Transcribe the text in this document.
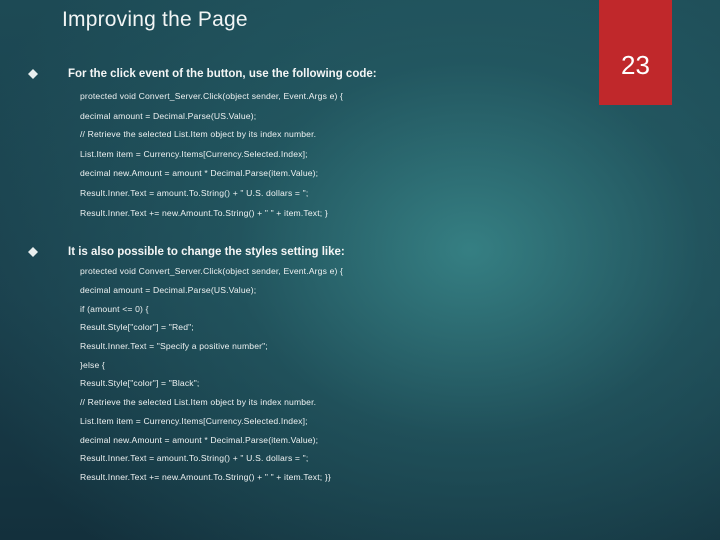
Improving the Page
23
For the click event of the button, use the following code:
protected void Convert_Server.Click(object sender, Event.Args e) {
decimal amount = Decimal.Parse(US.Value);
// Retrieve the selected List.Item object by its index number.
List.Item item = Currency.Items[Currency.Selected.Index];
decimal new.Amount = amount * Decimal.Parse(item.Value);
Result.Inner.Text = amount.To.String() + " U.S. dollars = ";
Result.Inner.Text += new.Amount.To.String() + " " + item.Text; }
It is also possible to change the styles setting like:
protected void Convert_Server.Click(object sender, Event.Args e) {
decimal amount = Decimal.Parse(US.Value);
if (amount <= 0) {
Result.Style["color"] = "Red";
Result.Inner.Text = "Specify a positive number";
}else {
Result.Style["color"] = "Black";
// Retrieve the selected List.Item object by its index number.
List.Item item = Currency.Items[Currency.Selected.Index];
decimal new.Amount = amount * Decimal.Parse(item.Value);
Result.Inner.Text = amount.To.String() + " U.S. dollars = ";
Result.Inner.Text += new.Amount.To.String() + " " + item.Text; }}
